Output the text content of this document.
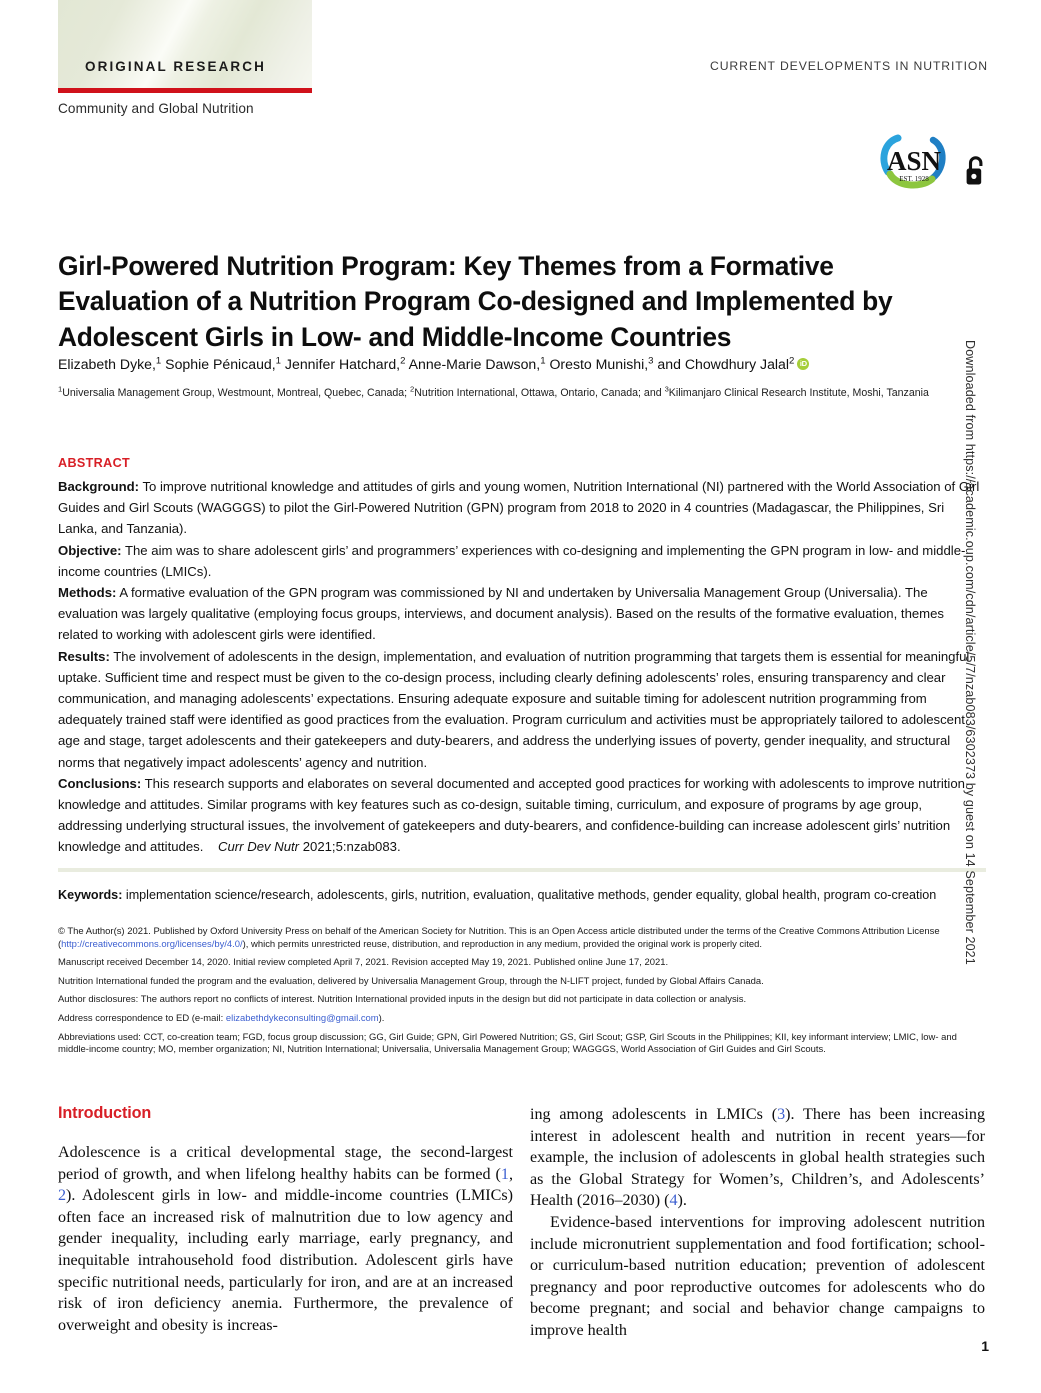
ORIGINAL RESEARCH	CURRENT DEVELOPMENTS IN NUTRITION
Community and Global Nutrition
ASN
EST. 1928
Girl-Powered Nutrition Program: Key Themes from a Formative Evaluation of a Nutrition Program Co-designed and Implemented by Adolescent Girls in Low- and Middle-Income Countries
Elizabeth Dyke,$^1$ Sophie Pénicaud,$^1$ Jennifer Hatchard,$^2$ Anne-Marie Dawson,$^1$ Oresto Munishi,$^3$ and Chowdhury Jalal$^2$ iD
$^1$Universalia Management Group, Westmount, Montreal, Quebec, Canada; $^2$Nutrition International, Ottawa, Ontario, Canada; and $^3$Kilimanjaro Clinical Research Institute, Moshi, Tanzania
ABSTRACT

Background: To improve nutritional knowledge and attitudes of girls and young women, Nutrition International (NI) partnered with the World Association of Girl Guides and Girl Scouts (WAGGGS) to pilot the Girl-Powered Nutrition (GPN) program from 2018 to 2020 in 4 countries (Madagascar, the Philippines, Sri Lanka, and Tanzania).

Objective: The aim was to share adolescent girls’ and programmers’ experiences with co-designing and implementing the GPN program in low- and middle-income countries (LMICs).

Methods: A formative evaluation of the GPN program was commissioned by NI and undertaken by Universalia Management Group (Universalia). The evaluation was largely qualitative (employing focus groups, interviews, and document analysis). Based on the results of the formative evaluation, themes related to working with adolescent girls were identified.

Results: The involvement of adolescents in the design, implementation, and evaluation of nutrition programming that targets them is essential for meaningful uptake. Sufficient time and respect must be given to the co-design process, including clearly defining adolescents’ roles, ensuring transparency and clear communication, and managing adolescents’ expectations. Ensuring adequate exposure and suitable timing for adolescent nutrition programming from adequately trained staff were identified as good practices from the evaluation. Program curriculum and activities must be appropriately tailored to adolescent age and stage, target adolescents and their gatekeepers and duty-bearers, and address the underlying issues of poverty, gender inequality, and structural norms that negatively impact adolescents’ agency and nutrition.

Conclusions: This research supports and elaborates on several documented and accepted good practices for working with adolescents to improve nutrition knowledge and attitudes. Similar programs with key features such as co-design, suitable timing, curriculum, and exposure of programs by age group, addressing underlying structural issues, the involvement of gatekeepers and duty-bearers, and confidence-building can increase adolescent girls’ nutrition knowledge and attitudes. Curr Dev Nutr 2021;5:nzab083.

Keywords: implementation science/research, adolescents, girls, nutrition, evaluation, qualitative methods, gender equality, global health, program co-creation

© The Author(s) 2021. Published by Oxford University Press on behalf of the American Society for Nutrition. This is an Open Access article distributed under the terms of the Creative Commons Attribution License (http://creativecommons.org/licenses/by/4.0/), which permits unrestricted reuse, distribution, and reproduction in any medium, provided the original work is properly cited.

Manuscript received December 14, 2020. Initial review completed April 7, 2021. Revision accepted May 19, 2021. Published online June 17, 2021.

Nutrition International funded the program and the evaluation, delivered by Universalia Management Group, through the N-LIFT project, funded by Global Affairs Canada.

Author disclosures: The authors report no conflicts of interest. Nutrition International provided inputs in the design but did not participate in data collection or analysis.

Address correspondence to ED (e-mail: elizabethdykeconsulting@gmail.com).

Abbreviations used: CCT, co-creation team; FGD, focus group discussion; GG, Girl Guide; GPN, Girl Powered Nutrition; GS, Girl Scout; GSP, Girl Scouts in the Philippines; KII, key informant interview; LMIC, low- and middle-income country; MO, member organization; NI, Nutrition International; Universalia, Universalia Management Group; WAGGGS, World Association of Girl Guides and Girl Scouts.

Introduction

Adolescence is a critical developmental stage, the second-largest period of growth, and when lifelong healthy habits can be formed (1, 2). Adolescent girls in low- and middle-income countries (LMICs) often face an increased risk of malnutrition due to low agency and gender inequality, including early marriage, early pregnancy, and inequitable intrahousehold food distribution. Adolescent girls have specific nutritional needs, particularly for iron, and are at an increased risk of iron deficiency anemia. Furthermore, the prevalence of overweight and obesity is increas-

ing among adolescents in LMICs (3). There has been increasing interest in adolescent health and nutrition in recent years—for example, the inclusion of adolescents in global health strategies such as the Global Strategy for Women’s, Children’s, and Adolescents’ Health (2016–2030) (4).

Evidence-based interventions for improving adolescent nutrition include micronutrient supplementation and food fortification; school- or curriculum-based nutrition education; prevention of adolescent pregnancy and poor reproductive outcomes for adolescents who do become pregnant; and social and behavior change campaigns to improve health

Downloaded from https://academic.oup.com/cdn/article/5/7/nzab083/6302373 by guest on 14 September 2021
1
